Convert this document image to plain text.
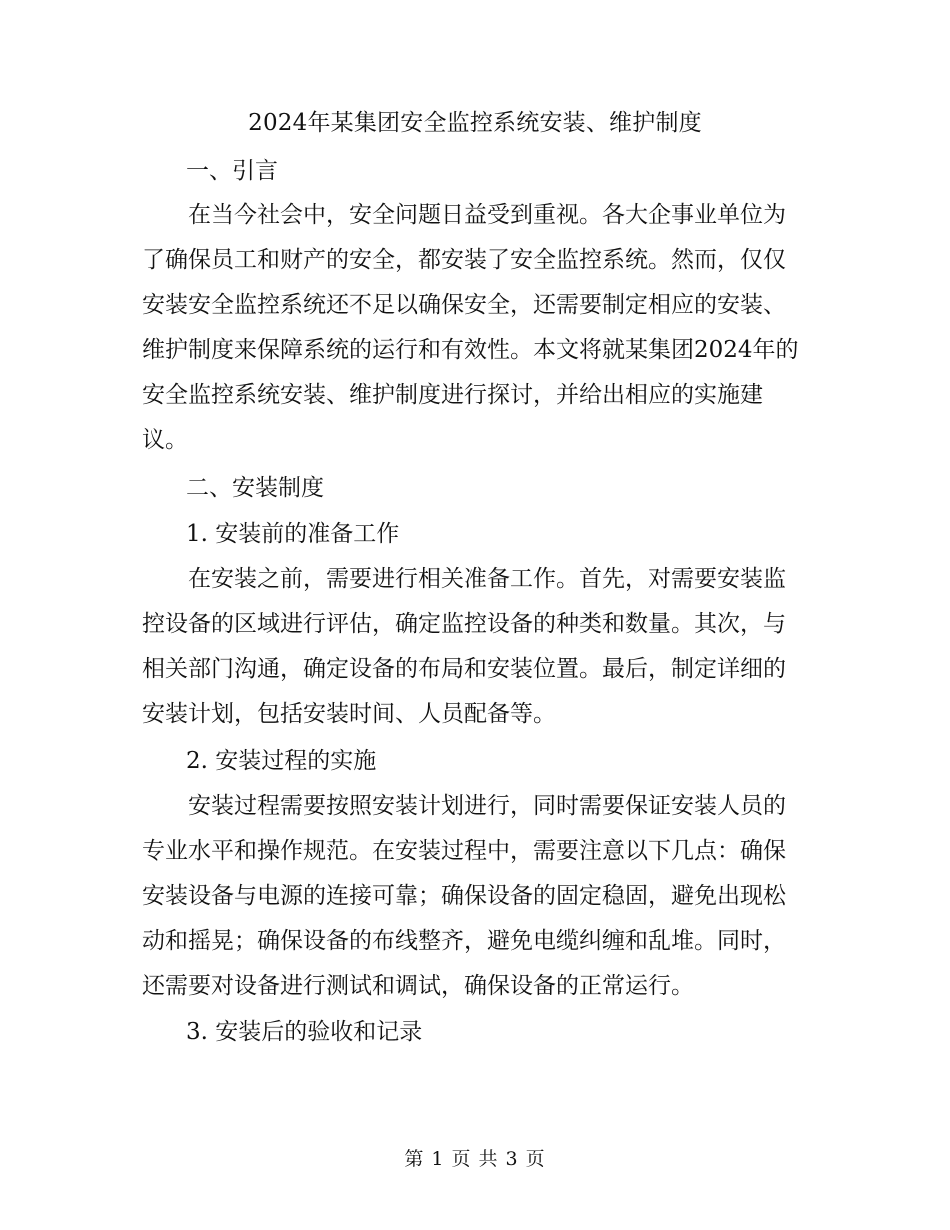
2024年某集团安全监控系统安装、维护制度
一、引言
在当今社会中，安全问题日益受到重视。各大企事业单位为了确保员工和财产的安全，都安装了安全监控系统。然而，仅仅安装安全监控系统还不足以确保安全，还需要制定相应的安装、维护制度来保障系统的运行和有效性。本文将就某集团2024年的安全监控系统安装、维护制度进行探讨，并给出相应的实施建议。
二、安装制度
1. 安装前的准备工作
在安装之前，需要进行相关准备工作。首先，对需要安装监控设备的区域进行评估，确定监控设备的种类和数量。其次，与相关部门沟通，确定设备的布局和安装位置。最后，制定详细的安装计划，包括安装时间、人员配备等。
2. 安装过程的实施
安装过程需要按照安装计划进行，同时需要保证安装人员的专业水平和操作规范。在安装过程中，需要注意以下几点：确保安装设备与电源的连接可靠；确保设备的固定稳固，避免出现松动和摇晃；确保设备的布线整齐，避免电缆纠缠和乱堆。同时，还需要对设备进行测试和调试，确保设备的正常运行。
3. 安装后的验收和记录
第 1 页 共 3 页
